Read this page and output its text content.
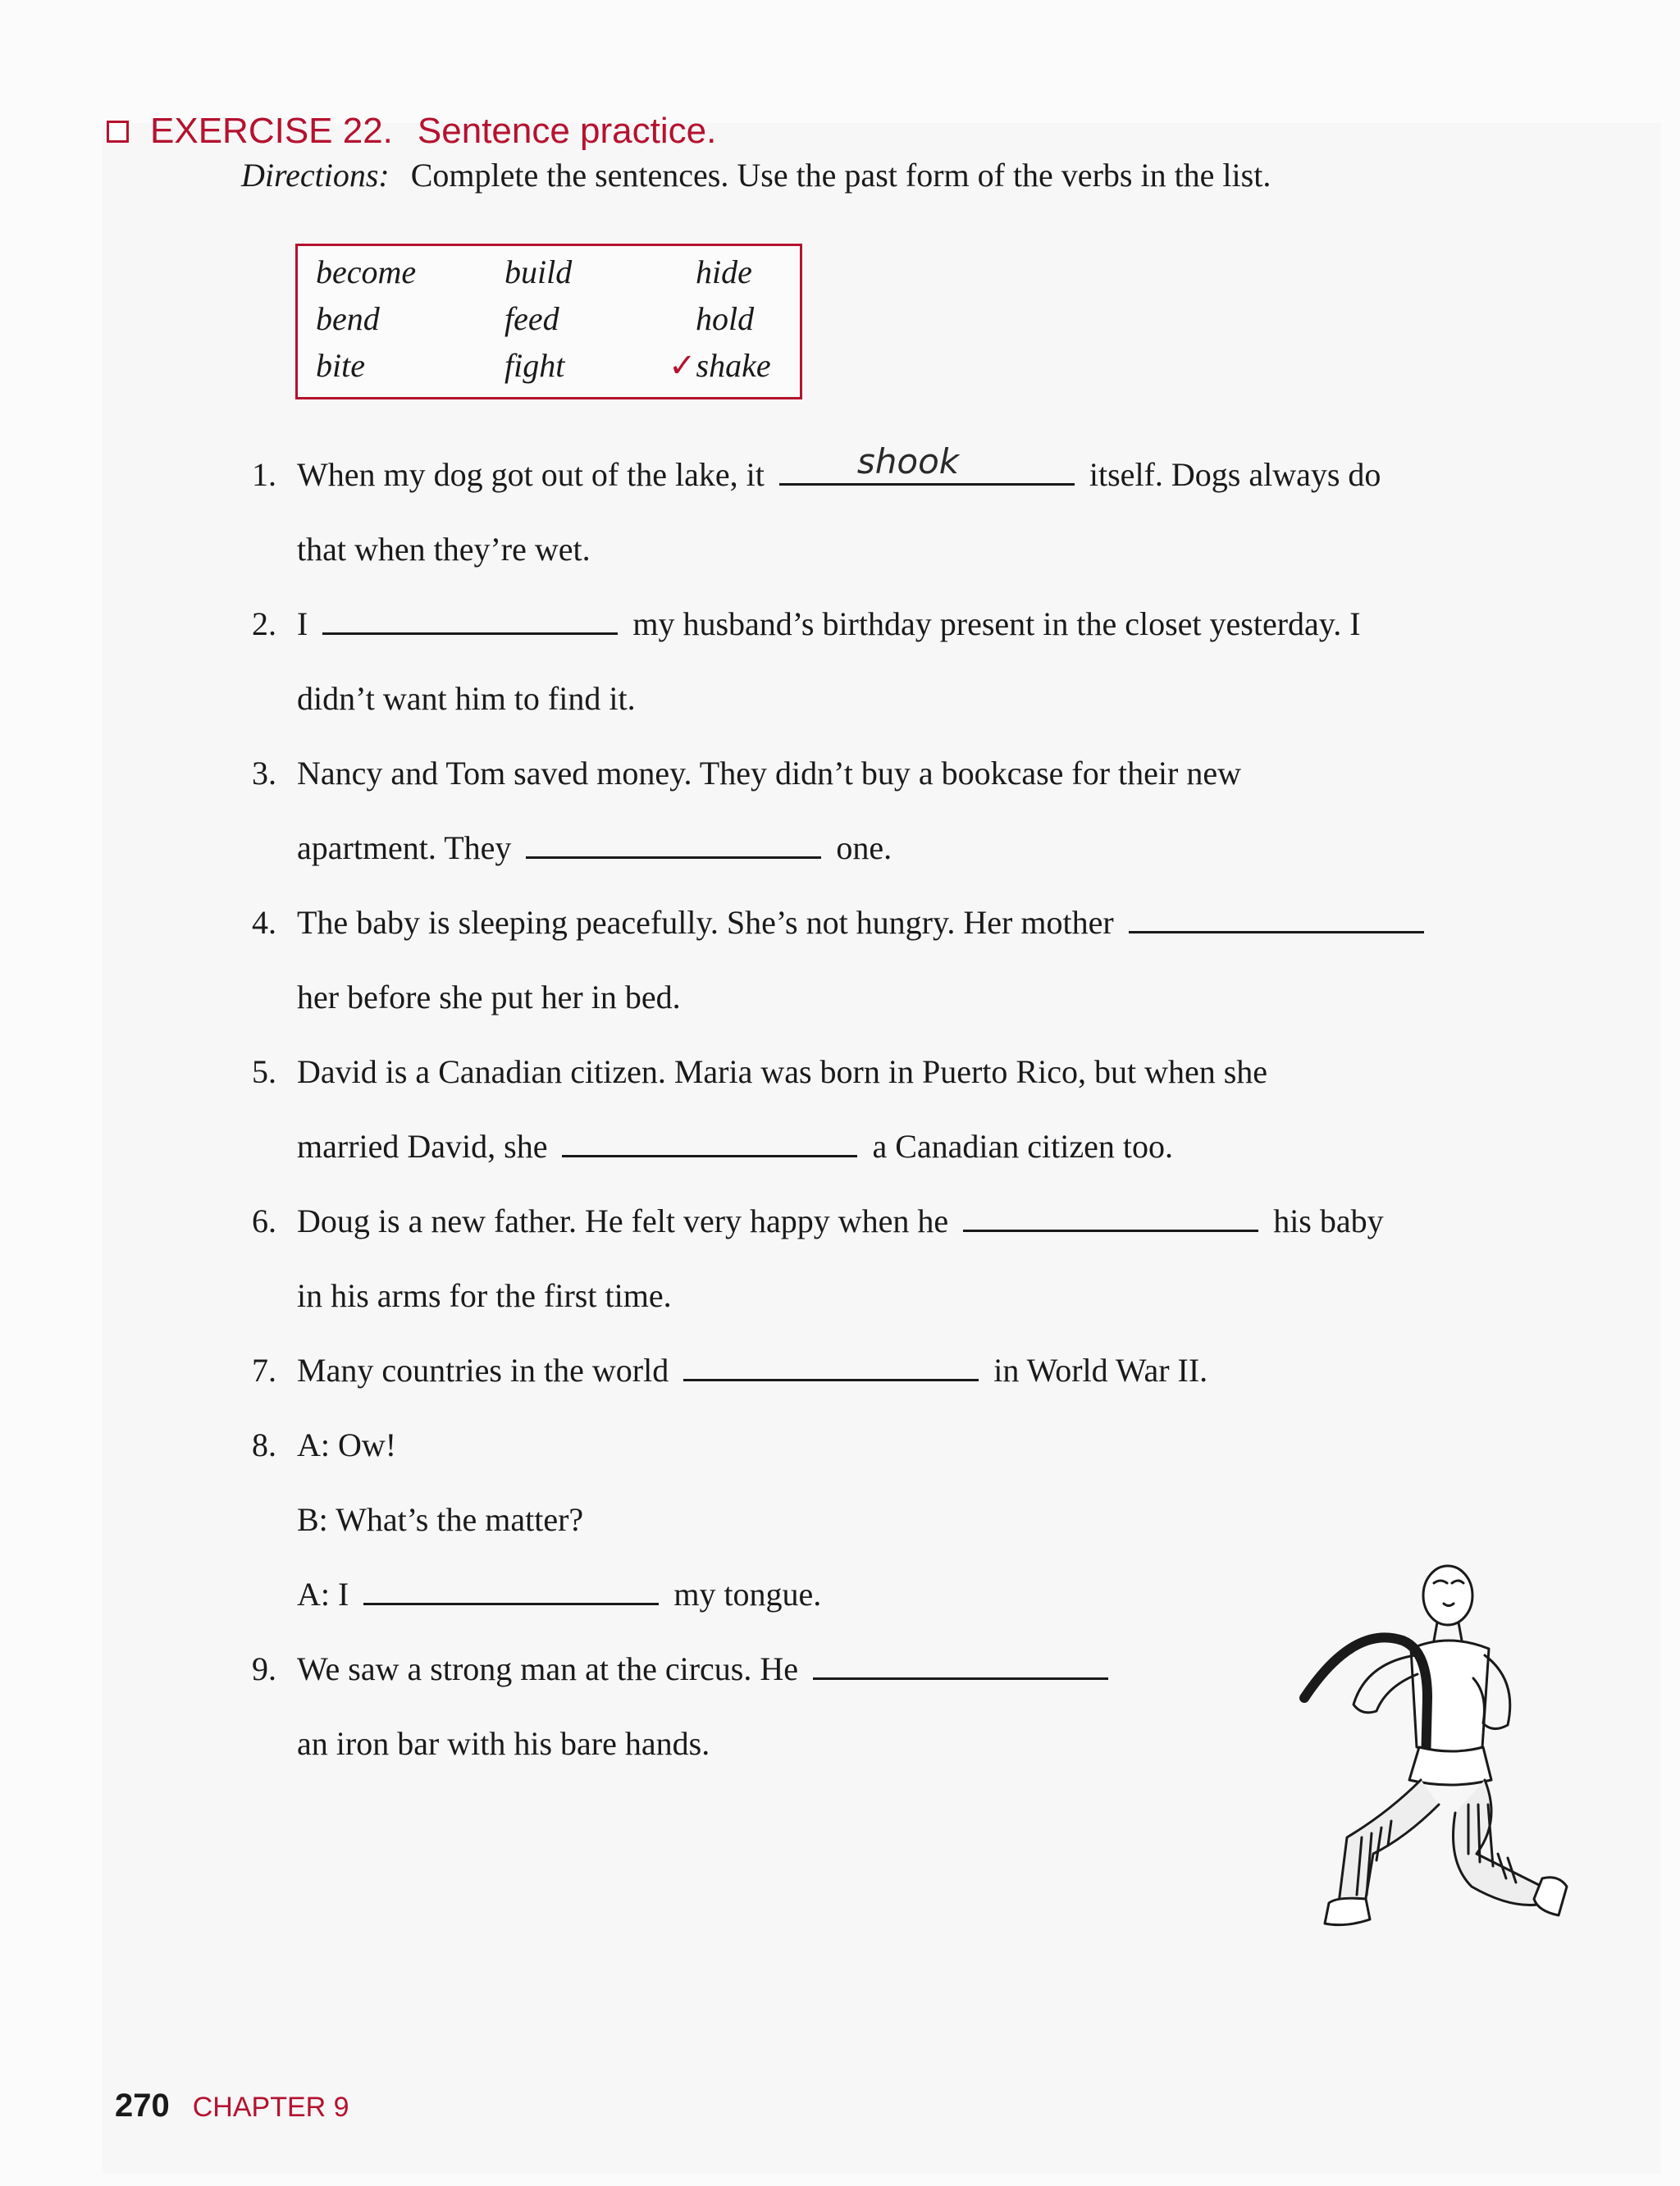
EXERCISE 22. Sentence practice.
Directions: Complete the sentences. Use the past form of the verbs in the list.
become	build	hide
bend	feed	hold
bite	fight	✓shake
1. When my dog got out of the lake, it	shook	itself. Dogs always do
that when they’re wet.
2. I	my husband’s birthday present in the closet yesterday. I
didn’t want him to find it.
3. Nancy and Tom saved money. They didn’t buy a bookcase for their new
apartment. They	one.
4. The baby is sleeping peacefully. She’s not hungry. Her mother
her before she put her in bed.
5. David is a Canadian citizen. Maria was born in Puerto Rico, but when she
married David, she	a Canadian citizen too.
6. Doug is a new father. He felt very happy when he	his baby
in his arms for the first time.
7. Many countries in the world	in World War II.
8. A: Ow!
B: What’s the matter?
A: I	my tongue.
9. We saw a strong man at the circus. He
an iron bar with his bare hands.
270 CHAPTER 9
